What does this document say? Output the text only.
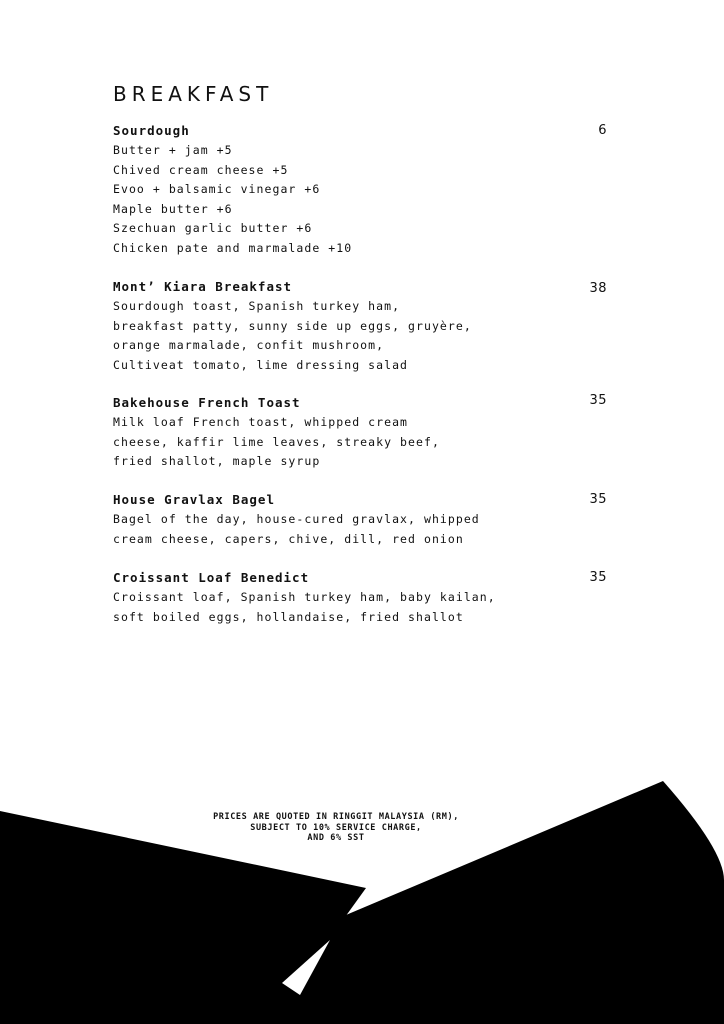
BREAKFAST
Sourdough	6
Butter + jam +5
Chived cream cheese +5
Evoo + balsamic vinegar +6
Maple butter +6
Szechuan garlic butter +6
Chicken pate and marmalade +10
Mont’ Kiara Breakfast	38
Sourdough toast, Spanish turkey ham,
breakfast patty, sunny side up eggs, gruyère,
orange marmalade, confit mushroom,
Cultiveat tomato, lime dressing salad
Bakehouse French Toast	35
Milk loaf French toast, whipped cream
cheese, kaffir lime leaves, streaky beef,
fried shallot, maple syrup
House Gravlax Bagel	35
Bagel of the day, house-cured gravlax, whipped
cream cheese, capers, chive, dill, red onion
Croissant Loaf Benedict	35
Croissant loaf, Spanish turkey ham, baby kailan,
soft boiled eggs, hollandaise, fried shallot
PRICES ARE QUOTED IN RINGGIT MALAYSIA (RM),
SUBJECT TO 10% SERVICE CHARGE,
AND 6% SST
